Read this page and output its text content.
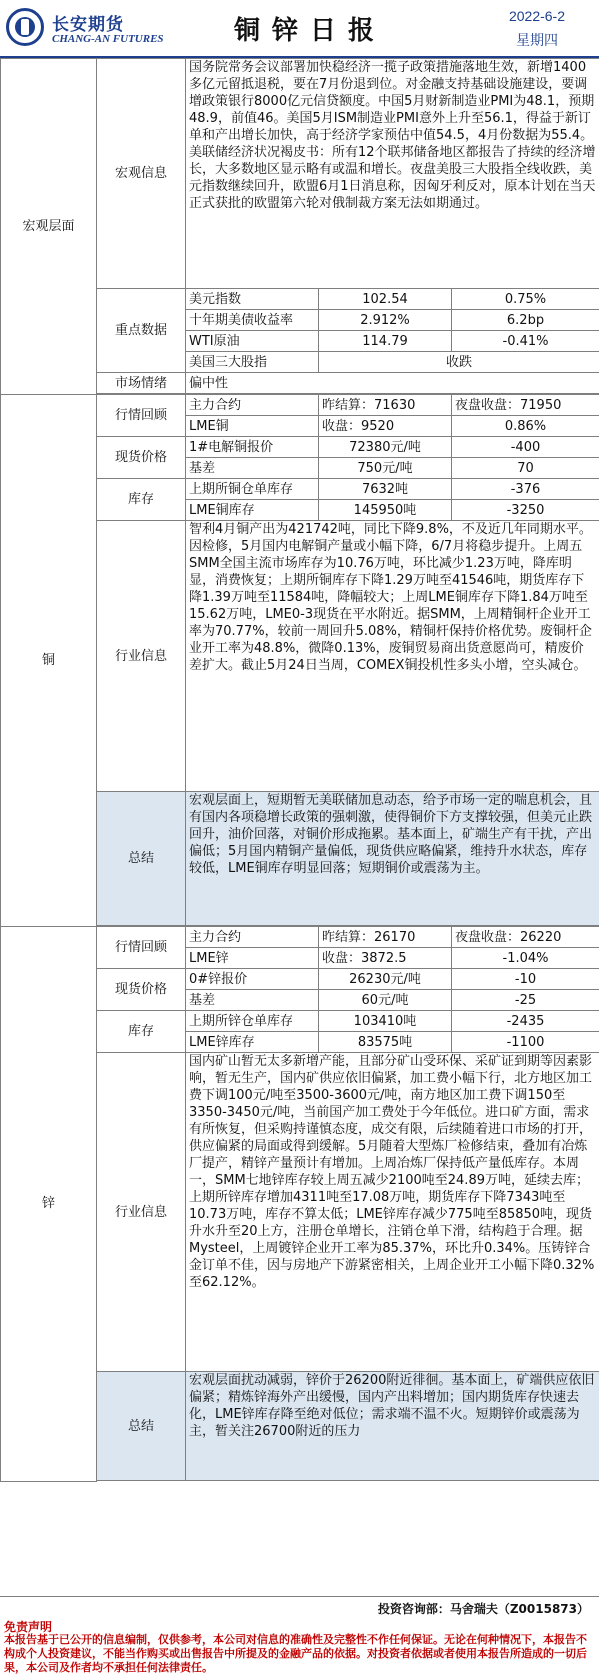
长安期货
CHANG-AN FUTURES	铜锌日报	2022-6-2
星期四
宏观层面	宏观信息	国务院常务会议部署加快稳经济一揽子政策措施落地生效，新增1400多亿元留抵退税，要在7月份退到位。对金融支持基础设施建设，要调增政策银行8000亿元信贷额度。中国5月财新制造业PMI为48.1，预期48.9，前值46。美国5月ISM制造业PMI意外上升至56.1，得益于新订单和产出增长加快，高于经济学家预估中值54.5，4月份数据为55.4。美联储经济状况褐皮书：所有12个联邦储备地区都报告了持续的经济增长，大多数地区显示略有或温和增长。夜盘美股三大股指全线收跌，美元指数继续回升，欧盟6月1日消息称，因匈牙利反对，原本计划在当天正式获批的欧盟第六轮对俄制裁方案无法如期通过。		
	重点数据	美元指数	102.54	0.75%
		十年期美债收益率	2.912%	6.2bp
		WTI原油	114.79	-0.41%
		美国三大股指	收跌	
	市场情绪	偏中性		

铜	行情回顾	主力合约	昨结算：71630	夜盘收盘：71950
		LME铜	收盘：9520	0.86%
	现货价格	1#电解铜报价	72380元/吨	-400
		基差	750元/吨	70
	库存	上期所铜仓单库存	7632吨	-376
		LME铜库存	145950吨	-3250
	行业信息	智利4月铜产出为421742吨，同比下降9.8%，不及近几年同期水平。因检修，5月国内电解铜产量或小幅下降，6/7月将稳步提升。上周五SMM全国主流市场库存为10.76万吨，环比减少1.23万吨，降库明显，消费恢复；上期所铜库存下降1.29万吨至41546吨，期货库存下降1.39万吨至11584吨，降幅较大；上周LME铜库存下降1.84万吨至15.62万吨，LME0-3现货在平水附近。据SMM，上周精铜杆企业开工率为70.77%，较前一周回升5.08%，精铜杆保持价格优势。废铜杆企业开工率为48.8%，微降0.13%，废铜贸易商出货意愿尚可，精废价差扩大。截止5月24日当周，COMEX铜投机性多头小增，空头减仓。		
	总结	宏观层面上，短期暂无美联储加息动态，给予市场一定的喘息机会，且有国内各项稳增长政策的强刺激，使得铜价下方支撑较强，但美元止跌回升，油价回落，对铜价形成拖累。基本面上，矿端生产有干扰，产出偏低；5月国内精铜产量偏低，现货供应略偏紧，维持升水状态，库存较低，LME铜库存明显回落；短期铜价或震荡为主。		

锌	行情回顾	主力合约	昨结算：26170	夜盘收盘：26220
		LME锌	收盘：3872.5	-1.04%
	现货价格	0#锌报价	26230元/吨	-10
		基差	60元/吨	-25
	库存	上期所锌仓单库存	103410吨	-2435
		LME锌库存	83575吨	-1100
	行业信息	国内矿山暂无太多新增产能，且部分矿山受环保、采矿证到期等因素影响，暂无生产，国内矿供应依旧偏紧，加工费小幅下行，北方地区加工费下调100元/吨至3500-3600元/吨，南方地区加工费下调150至3350-3450元/吨，当前国产加工费处于今年低位。进口矿方面，需求有所恢复，但采购持谨慎态度，成交有限，后续随着进口市场的打开，供应偏紧的局面或得到缓解。5月随着大型炼厂检修结束，叠加有冶炼厂提产，精锌产量预计有增加。上周冶炼厂保持低产量低库存。本周一，SMM七地锌库存较上周五减少2100吨至24.89万吨，延续去库；上期所锌库存增加4311吨至17.08万吨，期货库存下降7343吨至10.73万吨，库存不算太低；LME锌库存减少775吨至85850吨，现货升水升至20上方，注册仓单增长，注销仓单下滑，结构趋于合理。据Mysteel，上周镀锌企业开工率为85.37%，环比升0.34%。压铸锌合金订单不佳，因与房地产下游紧密相关，上周企业开工小幅下降0.32%至62.12%。		
	总结	宏观层面扰动减弱，锌价于26200附近徘徊。基本面上，矿端供应依旧偏紧；精炼锌海外产出缓慢，国内产出料增加；国内期货库存快速去化，LME锌库存降至绝对低位；需求端不温不火。短期锌价或震荡为主，暂关注26700附近的压力		

投资咨询部：马舍瑞夫（Z0015873）
免责声明
本报告基于已公开的信息编制，仅供参考，本公司对信息的准确性及完整性不作任何保证。无论在何种情况下，本报告不构成个人投资建议，不能当作购买或出售报告中所提及的金融产品的依据。对投资者依据或者使用本报告所造成的一切后果，本公司及作者均不承担任何法律责任。
